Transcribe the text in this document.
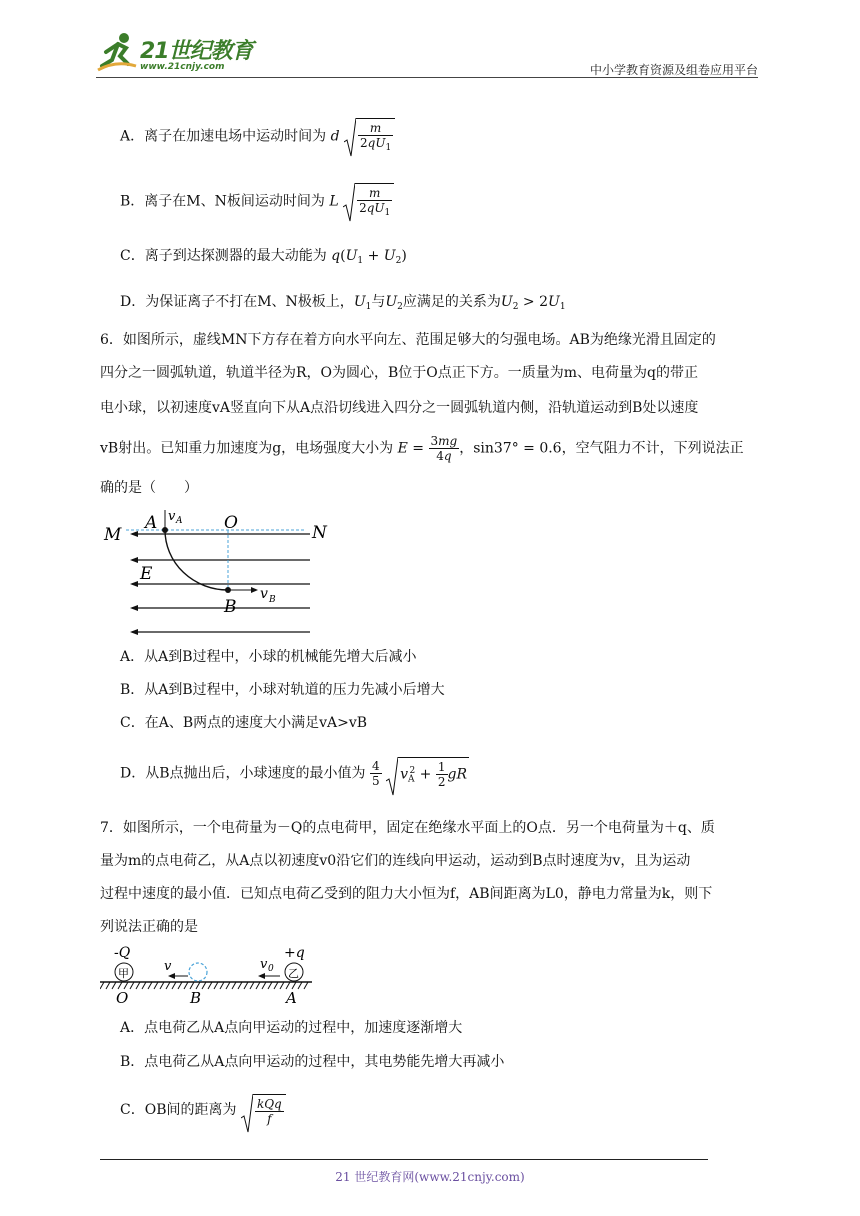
21世纪教育
www.21cnjy.com	中小学教育资源及组卷应用平台
A．离子在加速电场中运动时间为 d $\frac{m}{2qU_1}$
B．离子在M、N板间运动时间为 L $\frac{m}{2qU_1}$
C．离子到达探测器的最大动能为 $q(U_1 + U_2)$
D．为保证离子不打在M、N极板上，$U_1$与$U_2$应满足的关系为$U_2 > 2U_1$
6．如图所示，虚线MN下方存在着方向水平向左、范围足够大的匀强电场。AB为绝缘光滑且固定的
四分之一圆弧轨道，轨道半径为R，O为圆心，B位于O点正下方。一质量为m、电荷量为q的带正
电小球，以初速度vA竖直向下从A点沿切线进入四分之一圆弧轨道内侧，沿轨道运动到B处以速度
vB射出。已知重力加速度为g，电场强度大小为 $E = \frac{3mg}{4q}$ ，sin37° = 0.6，空气阻力不计，下列说法正
确的是（　　）
M
A v A O	N
E
B
v B
A．从A到B过程中，小球的机械能先增大后减小
B．从A到B过程中，小球对轨道的压力先减小后增大
C．在A、B两点的速度大小满足vA>vB
D．从B点抛出后，小球速度的最小值为 $\frac{4}{5}$
$v_A^2 + \frac{1}{2}$ gR
7．如图所示，一个电荷量为－Q的点电荷甲，固定在绝缘水平面上的O点．另一个电荷量为＋q、质
量为m的点电荷乙，从A点以初速度v0沿它们的连线向甲运动，运动到B点时速度为v，且为运动
过程中速度的最小值．已知点电荷乙受到的阻力大小恒为f，AB间距离为L0，静电力常量为k，则下
列说法正确的是
-Q	+q
甲	乙
v	v 0
O	B	A
A．点电荷乙从A点向甲运动的过程中，加速度逐渐增大
B．点电荷乙从A点向甲运动的过程中，其电势能先增大再减小
C．OB间的距离为 $\frac{\text{kQq}}{f}$
21 世纪教育网(www.21cnjy.com)
